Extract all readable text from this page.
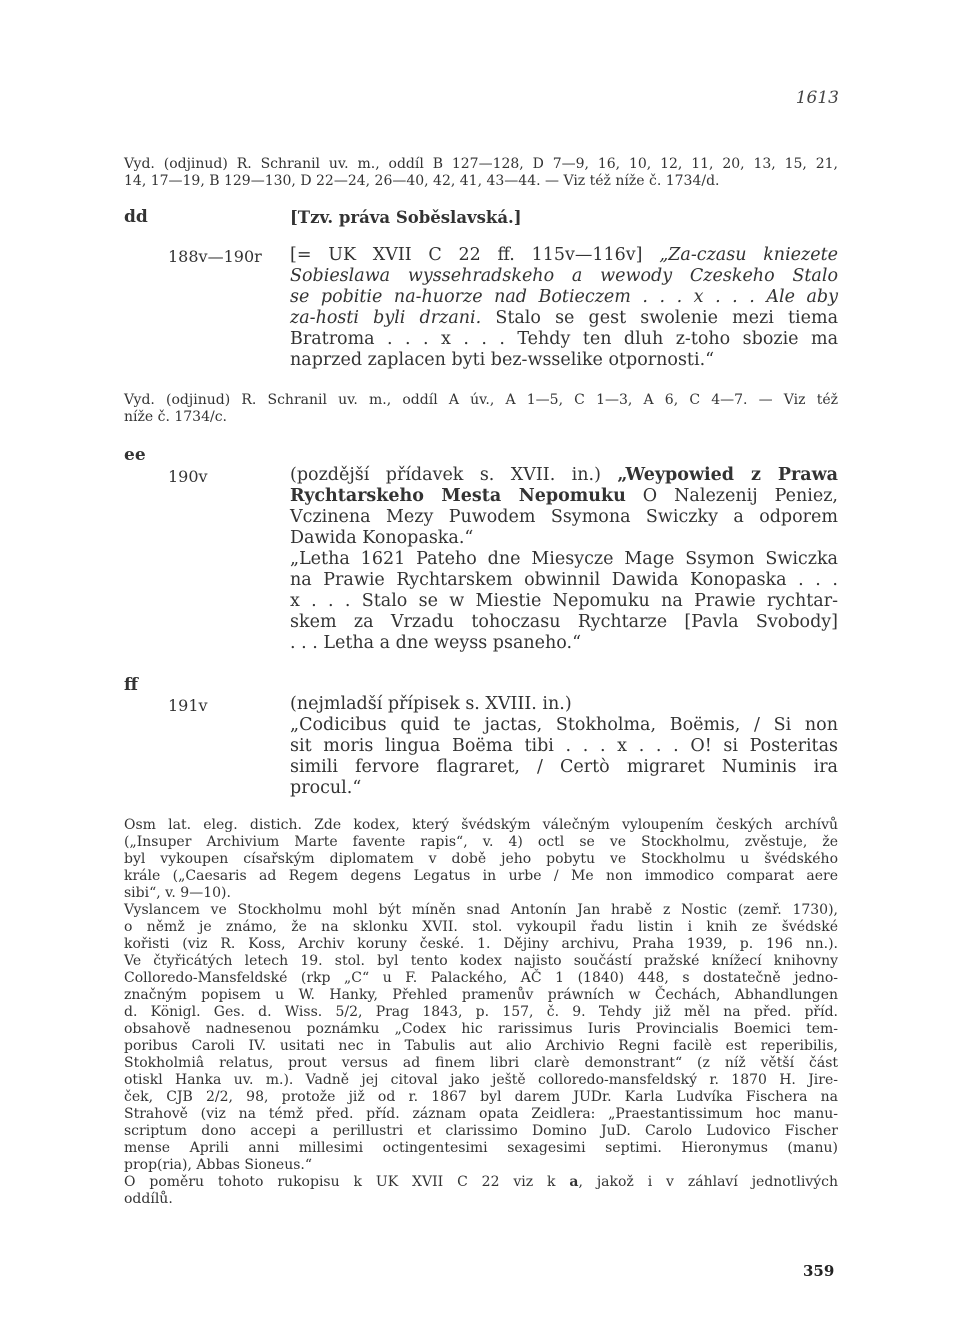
1613
Vyd. (odjinud) R. Schranil uv. m., oddíl B 127—128, D 7—9, 16, 10, 12, 11, 20, 13, 15, 21,
14, 17—19, B 129—130, D 22—24, 26—40, 42, 41, 43—44. — Viz též níže č. 1734/d.
dd	[Tzv. práva Soběslavská.]
188v—190r [= UK XVII C 22 ff. 115v—116v] „Za-czasu kniezete
Sobieslawa wyssehradskeho a wewody Czeskeho Stalo
se pobitie na-huorze nad Botieczem . . . x . . . Ale aby
za-hosti byli drzani. Stalo se gest swolenie mezi tiema
Bratroma . . . x . . . Tehdy ten dluh z-toho sbozie ma
naprzed zaplacen byti bez-wsselike otpornosti.“
Vyd. (odjinud) R. Schranil uv. m., oddíl A úv., A 1—5, C 1—3, A 6, C 4—7. — Viz též
níže č. 1734/c.
ee
190v	(pozdější přídavek s. XVII. in.) „Weypowied z Prawa
Rychtarskeho Mesta Nepomuku O Nalezenij Peniez,
Vczinena Mezy Puwodem Ssymona Swiczky a odporem
Dawida Konopaska.“
„Letha 1621 Pateho dne Miesycze Mage Ssymon Swiczka
na Prawie Rychtarskem obwinnil Dawida Konopaska . . .
x . . . Stalo se w Miestie Nepomuku na Prawie rychtar-
skem za Vrzadu tohoczasu Rychtarze [Pavla Svobody]
. . . Letha a dne weyss psaneho.“
ff
191v	(nejmladší přípisek s. XVIII. in.)
„Codicibus quid te jactas, Stokholma, Boëmis, / Si non
sit moris lingua Boëma tibi . . . x . . . O! si Posteritas
simili fervore flagraret, / Certò migraret Numinis ira
procul.“
Osm lat. eleg. distich. Zde kodex, který švédským válečným vyloupením českých archívů
(„Insuper Archivium Marte favente rapis“, v. 4) octl se ve Stockholmu, zvěstuje, že
byl vykoupen císařským diplomatem v době jeho pobytu ve Stockholmu u švédského
krále („Caesaris ad Regem degens Legatus in urbe / Me non immodico comparat aere
sibi“, v. 9—10).
Vyslancem ve Stockholmu mohl být míněn snad Antonín Jan hrabě z Nostic (zemř. 1730),
o němž je známo, že na sklonku XVII. stol. vykoupil řadu listin i knih ze švédské
kořisti (viz R. Koss, Archiv koruny české. 1. Dějiny archivu, Praha 1939, p. 196 nn.).
Ve čtyřicátých letech 19. stol. byl tento kodex najisto součástí pražské knížecí knihovny
Colloredo-Mansfeldské (rkp „C“ u F. Palackého, AČ 1 (1840) 448, s dostatečně jedno-
značným popisem u W. Hanky, Přehled pramenův práwních w Čechách, Abhandlungen
d. Königl. Ges. d. Wiss. 5/2, Prag 1843, p. 157, č. 9. Tehdy již měl na před. příd.
obsahově nadnesenou poznámku „Codex hic rarissimus Iuris Provincialis Boemici tem-
poribus Caroli IV. usitati nec in Tabulis aut alio Archivio Regni facilè est reperibilis,
Stokholmiâ relatus, prout versus ad finem libri clarè demonstrant“ (z níž větší část
otiskl Hanka uv. m.). Vadně jej citoval jako ještě colloredo-mansfeldský r. 1870 H. Jire-
ček, CJB 2/2, 98, protože již od r. 1867 byl darem JUDr. Karla Ludvíka Fischera na
Strahově (viz na témž před. příd. záznam opata Zeidlera: „Praestantissimum hoc manu-
scriptum dono accepi a perillustri et clarissimo Domino JuD. Carolo Ludovico Fischer
mense Aprili anni millesimi octingentesimi sexagesimi septimi. Hieronymus (manu)
prop(ria), Abbas Sioneus.“
O poměru tohoto rukopisu k UK XVII C 22 viz k a, jakož i v záhlaví jednotlivých
oddílů.
359
